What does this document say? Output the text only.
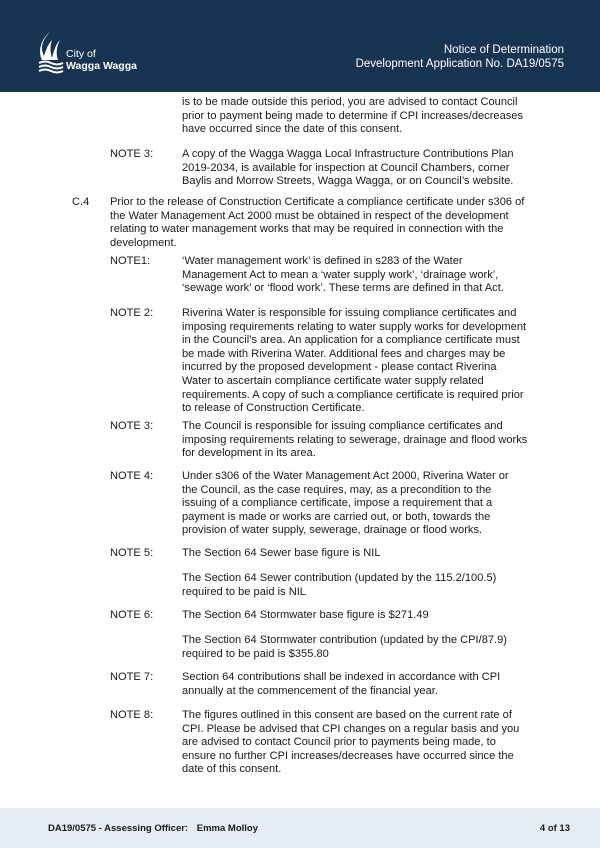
City of
Wagga Wagga
Notice of Determination
Development Application No. DA19/0575
is to be made outside this period, you are advised to contact Council
prior to payment being made to determine if CPI increases/decreases
have occurred since the date of this consent.
NOTE 3:	A copy of the Wagga Wagga Local Infrastructure Contributions Plan
2019-2034, is available for inspection at Council Chambers, corner
Baylis and Morrow Streets, Wagga Wagga, or on Council’s website.
C.4 Prior to the release of Construction Certificate a compliance certificate under s306 of
the Water Management Act 2000 must be obtained in respect of the development
relating to water management works that may be required in connection with the
development.
NOTE1:	‘Water management work’ is defined in s283 of the Water
Management Act to mean a ‘water supply work’, ‘drainage work’,
‘sewage work’ or ‘flood work’. These terms are defined in that Act.
NOTE 2:	Riverina Water is responsible for issuing compliance certificates and
imposing requirements relating to water supply works for development
in the Council’s area. An application for a compliance certificate must
be made with Riverina Water. Additional fees and charges may be
incurred by the proposed development - please contact Riverina
Water to ascertain compliance certificate water supply related
requirements. A copy of such a compliance certificate is required prior
to release of Construction Certificate.
NOTE 3:	The Council is responsible for issuing compliance certificates and
imposing requirements relating to sewerage, drainage and flood works
for development in its area.
NOTE 4:	Under s306 of the Water Management Act 2000, Riverina Water or
the Council, as the case requires, may, as a precondition to the
issuing of a compliance certificate, impose a requirement that a
payment is made or works are carried out, or both, towards the
provision of water supply, sewerage, drainage or flood works.
NOTE 5:	The Section 64 Sewer base figure is NIL
The Section 64 Sewer contribution (updated by the 115.2/100.5)
required to be paid is NIL
NOTE 6:	The Section 64 Stormwater base figure is $271.49
The Section 64 Stormwater contribution (updated by the CPI/87.9)
required to be paid is $355.80
NOTE 7:	Section 64 contributions shall be indexed in accordance with CPI
annually at the commencement of the financial year.
NOTE 8:	The figures outlined in this consent are based on the current rate of
CPI. Please be advised that CPI changes on a regular basis and you
are advised to contact Council prior to payments being made, to
ensure no further CPI increases/decreases have occurred since the
date of this consent.
DA19/0575 - Assessing Officer: Emma Molloy	4 of 13
